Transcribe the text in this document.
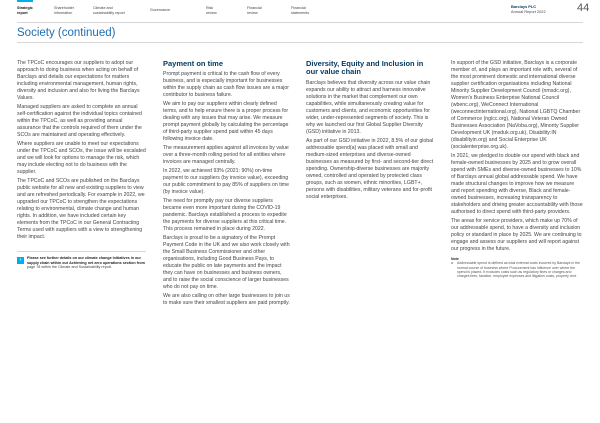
Strategic
report
Shareholder
information
Climate and
sustainability report
Governance	Risk
review
Financial
review
Financial
statements
Barclays PLC
Annual Report 2022	44
Society (continued)

The TPCoC encourages our suppliers to adopt our approach to doing business when acting on behalf of Barclays and details our expectations for matters including environmental management, human rights, diversity and inclusion and also for living the Barclays Values.

Managed suppliers are asked to complete an annual self-certification against the individual topics contained within the TPCoC, as well as providing annual assurance that the controls required of them under the SCOs are maintained and operating effectively.

Where suppliers are unable to meet our expectations under the TPCoC and SCOs, the issue will be escalated and we will look for options to manage the risk, which may include electing not to do business with the supplier.

The TPCoC and SCOs are published on the Barclays public website for all new and existing suppliers to view and are refreshed periodically. For example in 2022, we upgraded our TPCoC to strengthen the expectations relating to environmental, climate change and human rights. In addition, we have included certain key elements from the TPCoC in our General Contracting Terms used with suppliers with a view to strengthening their impact.

›	Please see further details on our climate change initiatives in our supply chain within our Achieving net zero operations section from page 78 within the Climate and Sustainability report.
Payment on time

Prompt payment is critical to the cash flow of every business, and is especially important for businesses within the supply chain as cash flow issues are a major contributor to business failure.

We aim to pay our suppliers within clearly defined terms, and to help ensure there is a proper process for dealing with any issues that may arise. We measure prompt payment globally by calculating the percentage of third-party supplier spend paid within 45 days following invoice date.

The measurement applies against all invoices by value over a three-month rolling period for all entities where invoices are managed centrally.

In 2022, we achieved 93% (2021: 90%) on-time payment to our suppliers (by invoice value), exceeding our public commitment to pay 85% of suppliers on time (by invoice value).

The need for promptly pay our diverse suppliers became even more important during the COVID-19 pandemic. Barclays established a process to expedite the payments for diverse suppliers at this critical time. This process remained in place during 2022.

Barclays is proud to be a signatory of the Prompt Payment Code in the UK and we also work closely with the Small Business Commissioner and other organisations, including Good Business Pays, to educate the public on late payments and the impact they can have on businesses and business owners, and to raise the social conscience of larger businesses who do not pay on time.

We are also calling on other large businesses to join us to make sure their smallest suppliers are paid promptly.

Diversity, Equity and Inclusion in our value chain

Barclays believes that diversity across our value chain expands our ability to attract and harness innovative solutions in the market that complement our own capabilities, while simultaneously creating value for customers and clients, and economic opportunities for wider, under-represented segments of society. This is why we launched our first Global Supplier Diversity (GSD) initiative in 2013.

As part of our GSD initiative in 2022, 8.5% of our global addressable spend(a) was placed with small and medium-sized enterprises and diverse-owned businesses as measured by first- and second-tier direct spending. Ownership-diverse businesses are majority owned, controlled and operated by protected class groups, such as women, ethnic minorities, LGBT+, persons with disabilities, military veterans and for-profit social enterprises.

In support of the GSD initiative, Barclays is a corporate member of, and plays an important role with, several of the most prominent domestic and international diverse supplier certification organisations including National Minority Supplier Development Council (nmsdc.org), Women's Business Enterprise National Council (wbenc.org), WeConnect International (weconnectinternational.org), National LGBTQ Chamber of Commerce (nglcc.org), National Veteran Owned Businesses Association (NaVoba.org), Minority Supplier Development UK (msduk.org.uk), Disability:IN (disabilityin.org) and Social Enterprise UK (socialenterprise.org.uk).

In 2021, we pledged to double our spend with black and female-owned businesses by 2025 and to grow overall spend with SMEs and diverse-owned businesses to 10% of Barclays annual global addressable spend. We have made structural changes to improve how we measure and report spending with diverse, Black and female-owned businesses, increasing transparency to stakeholders and driving greater accountability with those authorised to direct spend with third-party providers.

The areas for service providers, which make up 70% of our addressable spend, to have a diversity and inclusion policy or standard in place by 2025. We are continuing to engage and assess our suppliers and will report against our progress in the future.

Note
a Addressable spend is defined as total external costs incurred by Barclays in the normal course of business where Procurement has influence over where the spend is placed. It excludes costs such as regulatory fines or charges and charges fees, taxation, employee expenses and litigation costs, property rent.
